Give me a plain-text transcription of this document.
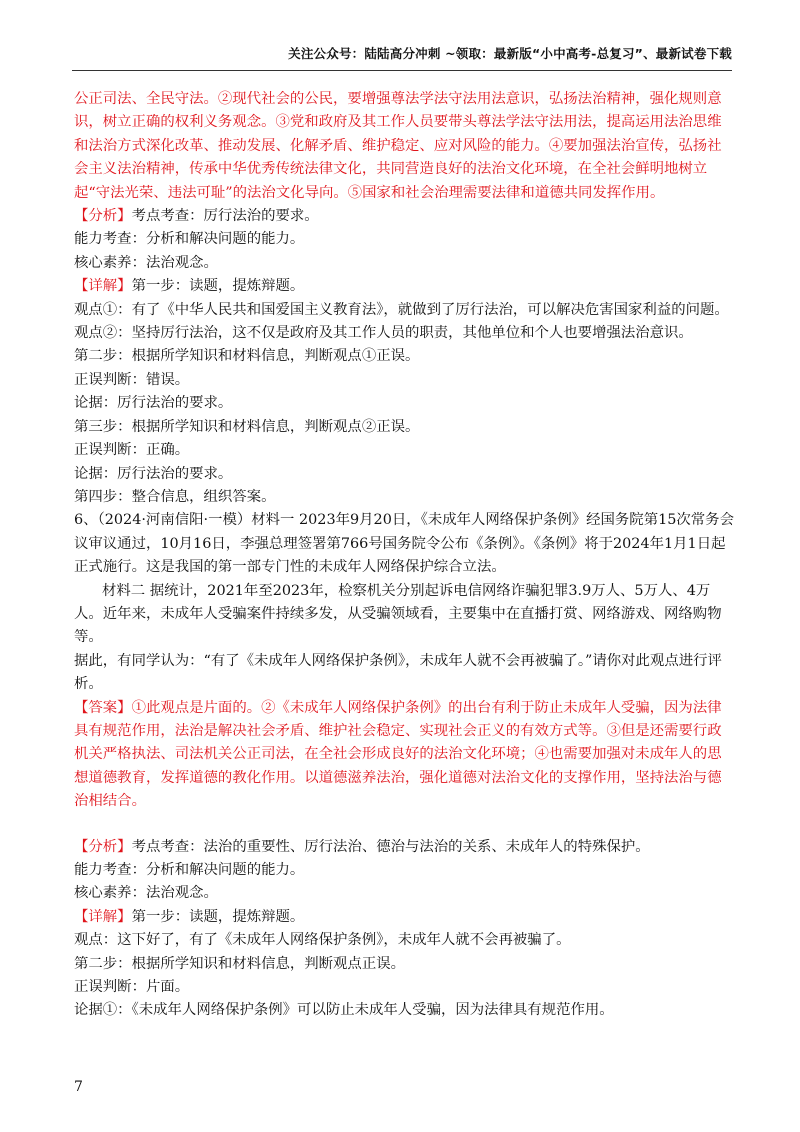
关注公众号：陆陆高分冲刺 ~领取：最新版“小中高考-总复习”、最新试卷下载

公正司法、全民守法。②现代社会的公民，要增强尊法学法守法用法意识，弘扬法治精神，强化规则意识，树立正确的权利义务观念。③党和政府及其工作人员要带头尊法学法守法用法，提高运用法治思维和法治方式深化改革、推动发展、化解矛盾、维护稳定、应对风险的能力。④要加强法治宣传，弘扬社会主义法治精神，传承中华优秀传统法律文化，共同营造良好的法治文化环境，在全社会鲜明地树立起“守法光荣、违法可耻”的法治文化导向。⑤国家和社会治理需要法律和道德共同发挥作用。

【分析】考点考查：厉行法治的要求。

能力考查：分析和解决问题的能力。

核心素养：法治观念。

【详解】第一步：读题，提炼辩题。

观点①：有了《中华人民共和国爱国主义教育法》，就做到了厉行法治，可以解决危害国家利益的问题。

观点②：坚持厉行法治，这不仅是政府及其工作人员的职责，其他单位和个人也要增强法治意识。

第二步：根据所学知识和材料信息，判断观点①正误。

正误判断：错误。

论据：厉行法治的要求。

第三步：根据所学知识和材料信息，判断观点②正误。

正误判断：正确。

论据：厉行法治的要求。

第四步：整合信息，组织答案。

6、（2024·河南信阳·一模）材料一 2023年9月20日，《未成年人网络保护条例》经国务院第15次常务会议审议通过，10月16日，李强总理签署第766号国务院令公布《条例》。《条例》将于2024年1月1日起正式施行。这是我国的第一部专门性的未成年人网络保护综合立法。

材料二 据统计，2021年至2023年，检察机关分别起诉电信网络诈骗犯罪3.9万人、5万人、4万人。近年来，未成年人受骗案件持续多发，从受骗领域看，主要集中在直播打赏、网络游戏、网络购物等。

据此，有同学认为：“有了《未成年人网络保护条例》，未成年人就不会再被骗了。”请你对此观点进行评析。

【答案】①此观点是片面的。②《未成年人网络保护条例》的出台有利于防止未成年人受骗，因为法律具有规范作用，法治是解决社会矛盾、维护社会稳定、实现社会正义的有效方式等。③但是还需要行政机关严格执法、司法机关公正司法，在全社会形成良好的法治文化环境；④也需要加强对未成年人的思想道德教育，发挥道德的教化作用。以道德滋养法治，强化道德对法治文化的支撑作用，坚持法治与德治相结合。

【分析】考点考查：法治的重要性、厉行法治、德治与法治的关系、未成年人的特殊保护。

能力考查：分析和解决问题的能力。

核心素养：法治观念。

【详解】第一步：读题，提炼辩题。

观点：这下好了，有了《未成年人网络保护条例》，未成年人就不会再被骗了。

第二步：根据所学知识和材料信息，判断观点正误。

正误判断：片面。

论据①：《未成年人网络保护条例》可以防止未成年人受骗，因为法律具有规范作用。

7
